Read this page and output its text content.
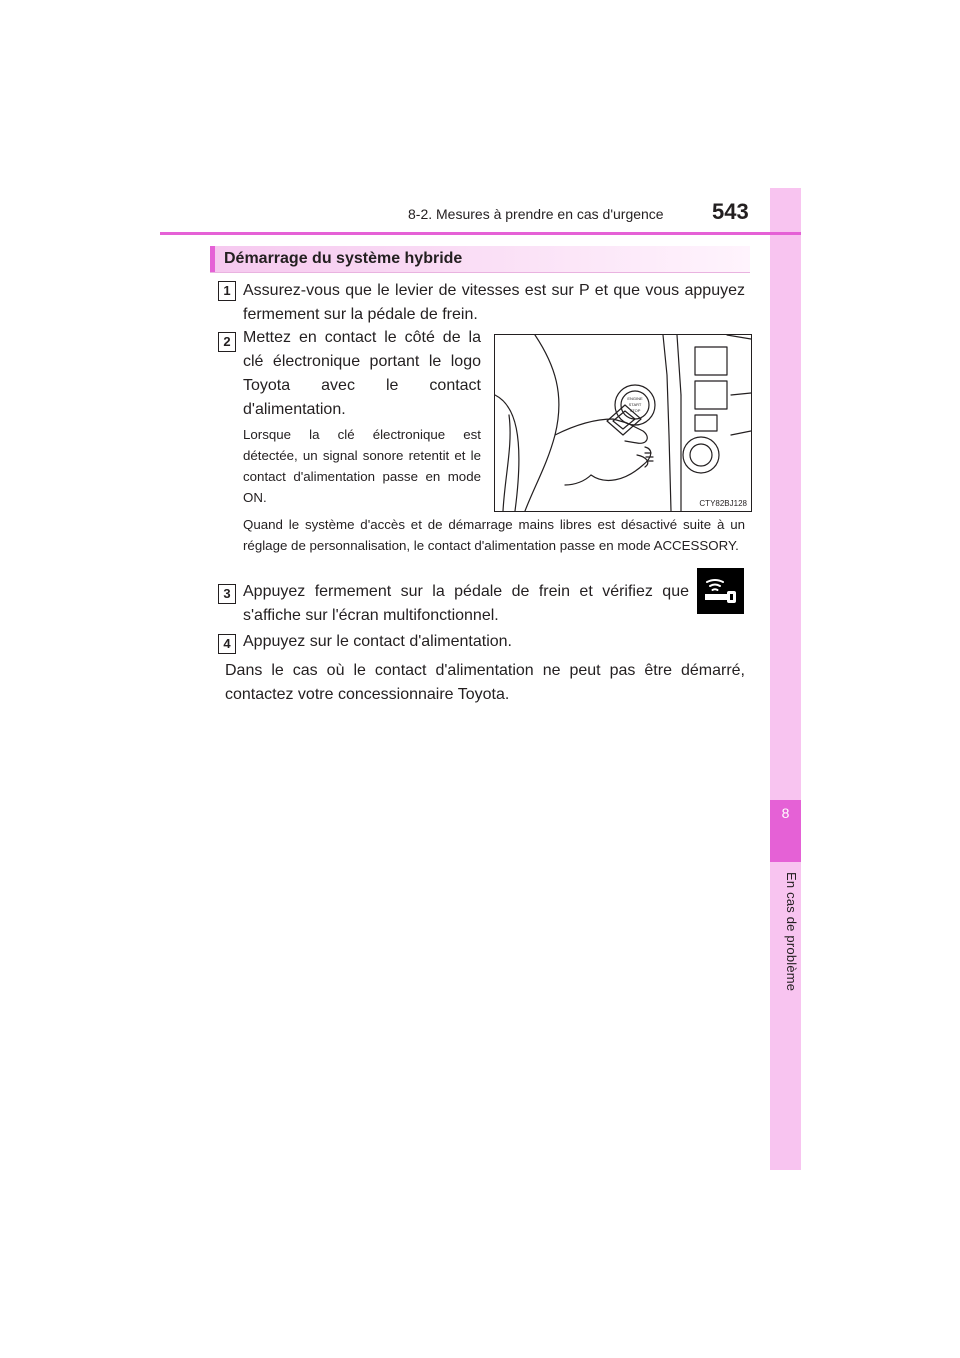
8
En cas de problème
8-2. Mesures à prendre en cas d'urgence 543
Démarrage du système hybride
1 Assurez-vous que le levier de vitesses est sur P et que vous appuyez fermement sur la pédale de frein.
2 Mettez en contact le côté de la clé électronique portant le logo Toyota avec le contact d'alimentation.
Lorsque la clé électronique est détectée, un signal sonore retentit et le contact d'alimentation passe en mode ON.
Quand le système d'accès et de démarrage mains libres est désactivé suite à un réglage de personnalisation, le contact d'alimentation passe en mode ACCESSORY.
ENGINE
START
STOP
CTY82BJ128
3 Appuyez fermement sur la pédale de frein et vérifiez que s'affiche sur l'écran multifonctionnel.
4 Appuyez sur le contact d'alimentation.
Dans le cas où le contact d'alimentation ne peut pas être démarré, contactez votre concessionnaire Toyota.
